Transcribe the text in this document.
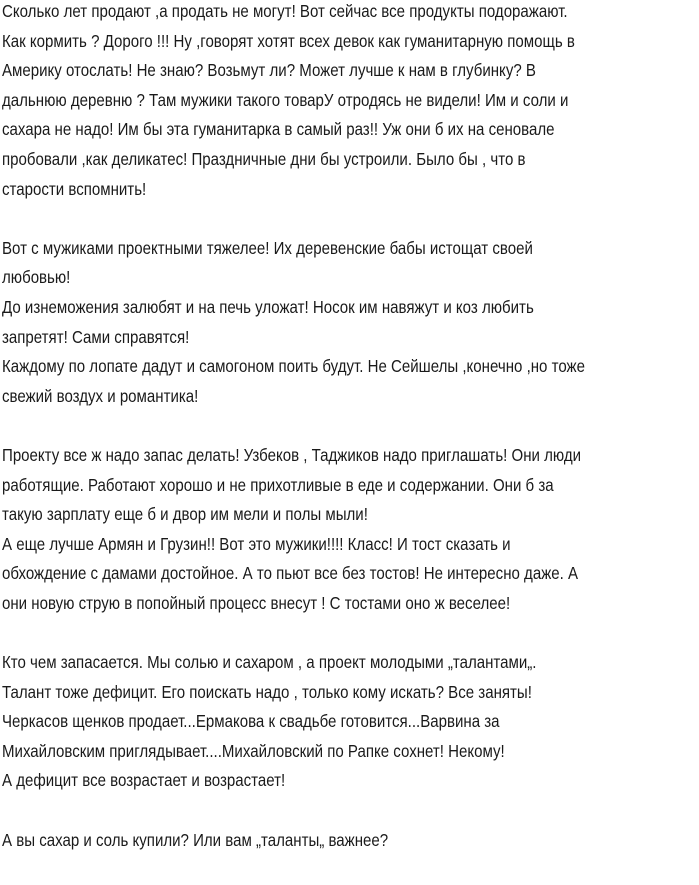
Сколько лет продают ,а продать не могут! Вот сейчас все продукты подоражают.
Как кормить ? Дорого !!! Ну ,говорят хотят всех девок как гуманитарную помощь в
Америку отослать! Не знаю? Возьмут ли? Может лучше к нам в глубинку? В
дальнюю деревню ? Там мужики такого товарУ отродясь не видели! Им и соли и
сахара не надо! Им бы эта гуманитарка в самый раз!! Уж они б их на сеновале
пробовали ,как деликатес! Праздничные дни бы устроили. Было бы , что в
старости вспомнить!

Вот с мужиками проектными тяжелее! Их деревенские бабы истощат своей
любовью!
До изнеможения залюбят и на печь уложат! Носок им навяжут и коз любить
запретят! Сами справятся!
Каждому по лопате дадут и самогоном поить будут. Не Сейшелы ,конечно ,но тоже
свежий воздух и романтика!

Проекту все ж надо запас делать! Узбеков , Таджиков надо приглашать! Они люди
работящие. Работают хорошо и не прихотливые в еде и содержании. Они б за
такую зарплату еще б и двор им мели и полы мыли!
А еще лучше Армян и Грузин!! Вот это мужики!!!! Класс! И тост сказать и
обхождение с дамами достойное. А то пьют все без тостов! Не интересно даже. А
они новую струю в попойный процесс внесут ! С тостами оно ж веселее!

Кто чем запасается. Мы солью и сахаром , а проект молодыми „талантами„.
Талант тоже дефицит. Его поискать надо , только кому искать? Все заняты!
Черкасов щенков продает...Ермакова к свадьбе готовится...Варвина за
Михайловским приглядывает....Михайловский по Рапке сохнет! Некому!
А дефицит все возрастает и возрастает!

А вы сахар и соль купили? Или вам „таланты„ важнее?
